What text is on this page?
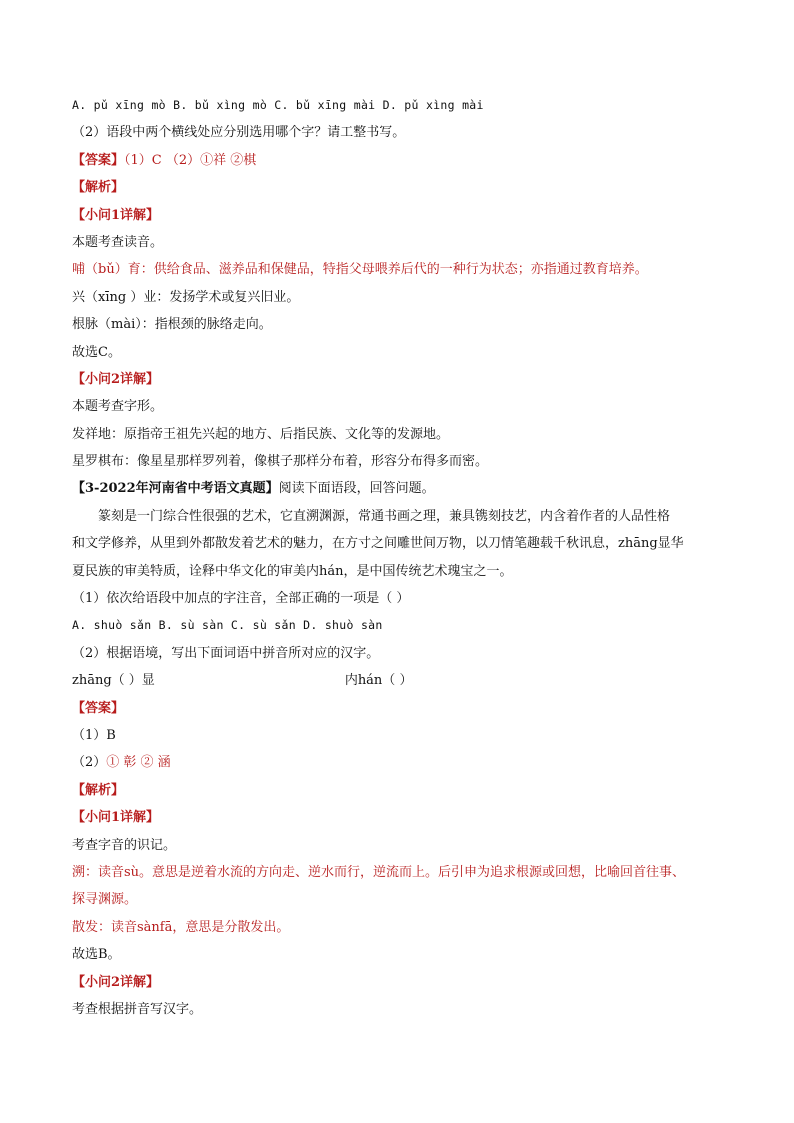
A. pǔ xīng mò B. bǔ xìng mò C. bǔ xīng mài D. pǔ xìng mài
（2）语段中两个横线处应分别选用哪个字？请工整书写。
【答案】（1）C （2）①祥 ②棋
【解析】
【小问1详解】
本题考查读音。
哺（bǔ）育：供给食品、滋养品和保健品，特指父母喂养后代的一种行为状态；亦指通过教育培养。
兴（xīng ）业：发扬学术或复兴旧业。
根脉（mài）：指根颈的脉络走向。
故选C。
【小问2详解】
本题考查字形。
发祥地：原指帝王祖先兴起的地方、后指民族、文化等的发源地。
星罗棋布：像星星那样罗列着，像棋子那样分布着，形容分布得多而密。
【3-2022年河南省中考语文真题】阅读下面语段，回答问题。
篆刻是一门综合性很强的艺术，它直溯渊源，常通书画之理，兼具镌刻技艺，内含着作者的人品性格
和文学修养，从里到外都散发着艺术的魅力，在方寸之间雕世间万物，以刀情笔趣载千秋讯息，zhāng显华
夏民族的审美特质，诠释中华文化的审美内hán，是中国传统艺术瑰宝之一。
（1）依次给语段中加点的字注音，全部正确的一项是（ ）
A. shuò sǎn B. sù sàn C. sù sǎn D. shuò sàn
（2）根据语境，写出下面词语中拼音所对应的汉字。
zhāng（ ）显	内hán（ ）
【答案】
（1）B
（2）① 彰 ② 涵
【解析】
【小问1详解】
考查字音的识记。
溯：读音sù。意思是逆着水流的方向走、逆水而行，逆流而上。后引申为追求根源或回想，比喻回首往事、
探寻渊源。
散发：读音sànfā，意思是分散发出。
故选B。
【小问2详解】
考查根据拼音写汉字。
